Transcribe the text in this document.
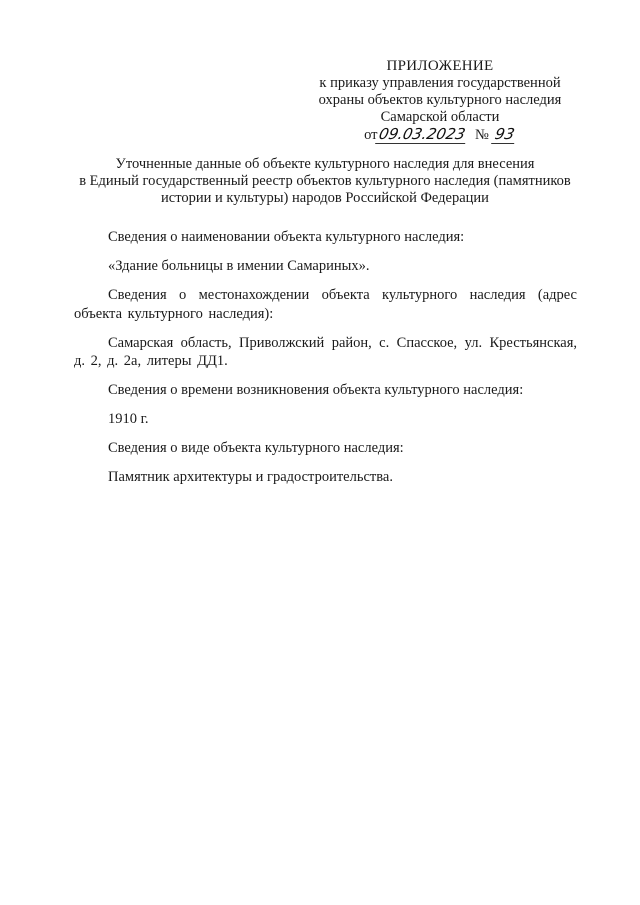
ПРИЛОЖЕНИЕ
к приказу управления государственной
охраны объектов культурного наследия
Самарской области
от09.03.2023 № 93
Уточненные данные об объекте культурного наследия для внесения
в Единый государственный реестр объектов культурного наследия (памятников
истории и культуры) народов Российской Федерации

Сведения о наименовании объекта культурного наследия:

«Здание больницы в имении Самариных».

Сведения о местонахождении объекта культурного наследия (адрес объекта культурного наследия):

Самарская область, Приволжский район, с. Спасское, ул. Крестьянская, д. 2, д. 2а, литеры ДД1.

Сведения о времени возникновения объекта культурного наследия:

1910 г.

Сведения о виде объекта культурного наследия:

Памятник архитектуры и градостроительства.
